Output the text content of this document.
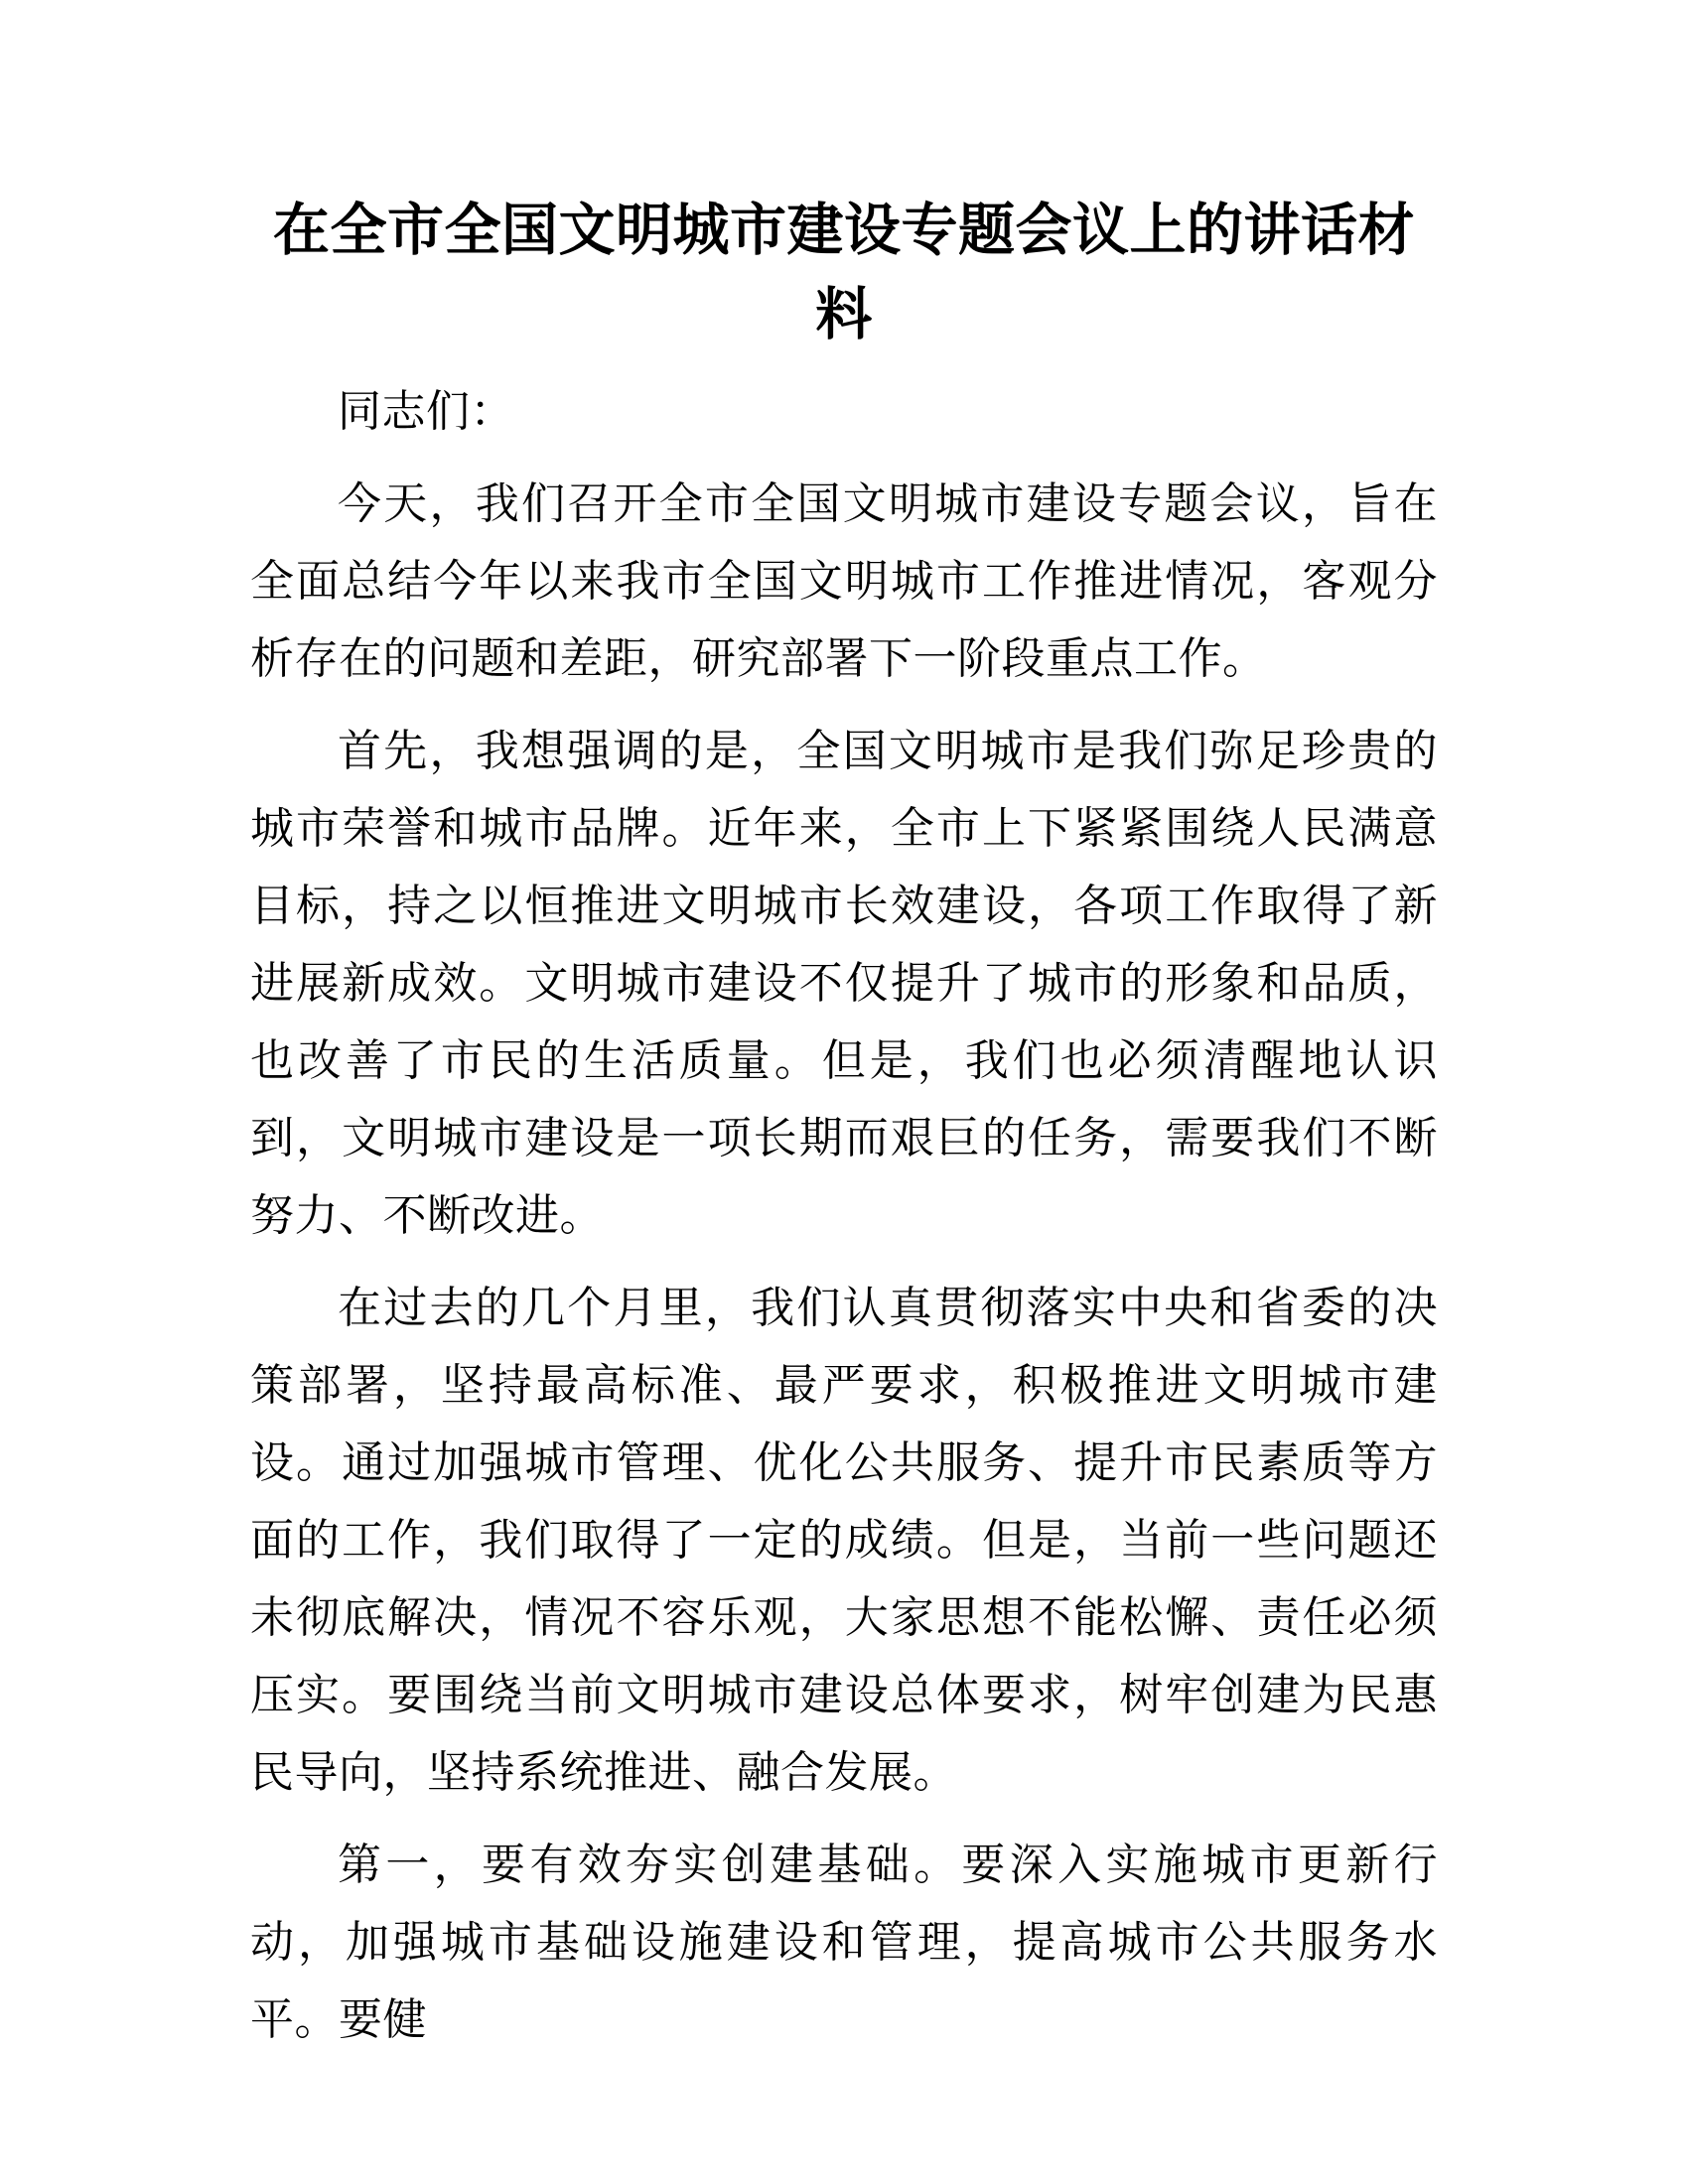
在全市全国文明城市建设专题会议上的讲话材料

同志们：

今天，我们召开全市全国文明城市建设专题会议，旨在全面总结今年以来我市全国文明城市工作推进情况，客观分析存在的问题和差距，研究部署下一阶段重点工作。

首先，我想强调的是，全国文明城市是我们弥足珍贵的城市荣誉和城市品牌。近年来，全市上下紧紧围绕人民满意目标，持之以恒推进文明城市长效建设，各项工作取得了新进展新成效。文明城市建设不仅提升了城市的形象和品质，也改善了市民的生活质量。但是，我们也必须清醒地认识到，文明城市建设是一项长期而艰巨的任务，需要我们不断努力、不断改进。

在过去的几个月里，我们认真贯彻落实中央和省委的决策部署，坚持最高标准、最严要求，积极推进文明城市建设。通过加强城市管理、优化公共服务、提升市民素质等方面的工作，我们取得了一定的成绩。但是，当前一些问题还未彻底解决，情况不容乐观，大家思想不能松懈、责任必须压实。要围绕当前文明城市建设总体要求，树牢创建为民惠民导向，坚持系统推进、融合发展。

第一，要有效夯实创建基础。要深入实施城市更新行动，加强城市基础设施建设和管理，提高城市公共服务水平。要健
